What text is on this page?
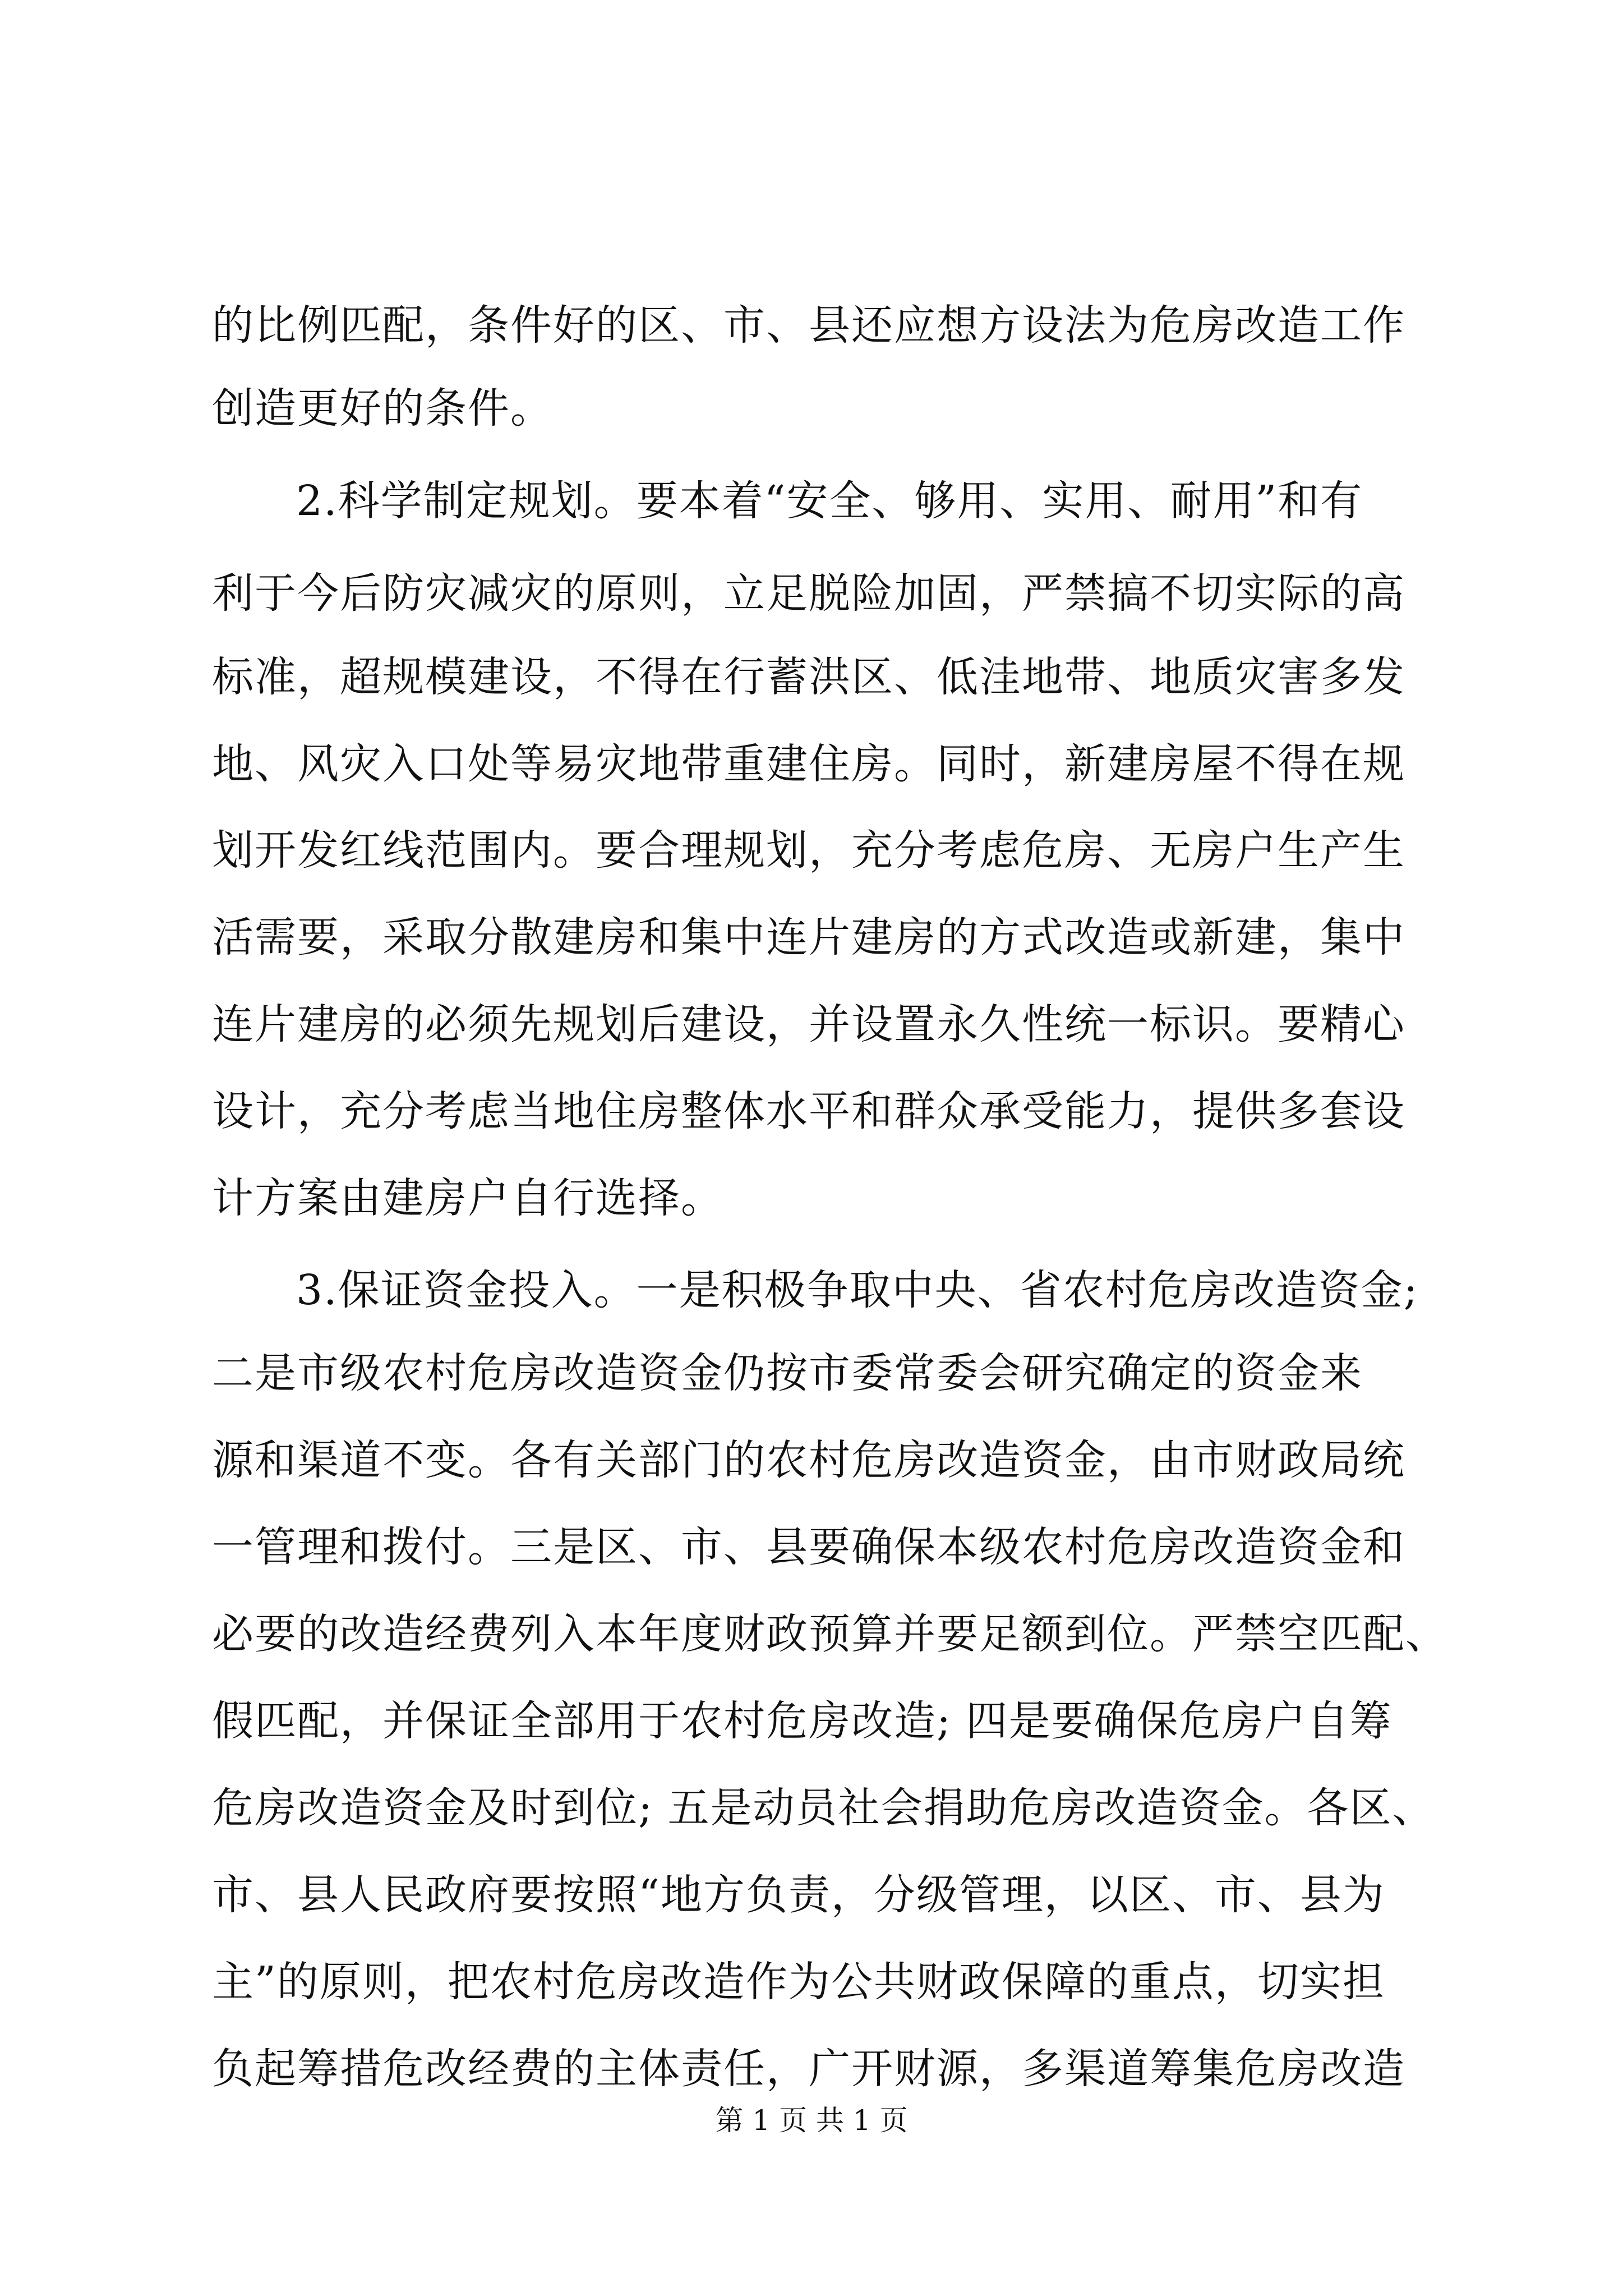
的比例匹配，条件好的区、市、县还应想方设法为危房改造工作
创造更好的条件。
2.科学制定规划。要本着“安全、够用、实用、耐用”和有
利于今后防灾减灾的原则，立足脱险加固，严禁搞不切实际的高
标准，超规模建设，不得在行蓄洪区、低洼地带、地质灾害多发
地、风灾入口处等易灾地带重建住房。同时，新建房屋不得在规
划开发红线范围内。要合理规划，充分考虑危房、无房户生产生
活需要，采取分散建房和集中连片建房的方式改造或新建，集中
连片建房的必须先规划后建设，并设置永久性统一标识。要精心
设计，充分考虑当地住房整体水平和群众承受能力，提供多套设
计方案由建房户自行选择。
3.保证资金投入。一是积极争取中央、省农村危房改造资金;
二是市级农村危房改造资金仍按市委常委会研究确定的资金来
源和渠道不变。各有关部门的农村危房改造资金，由市财政局统
一管理和拨付。三是区、市、县要确保本级农村危房改造资金和
必要的改造经费列入本年度财政预算并要足额到位。严禁空匹配、
假匹配，并保证全部用于农村危房改造; 四是要确保危房户自筹
危房改造资金及时到位; 五是动员社会捐助危房改造资金。各区、
市、县人民政府要按照“地方负责，分级管理，以区、市、县为
主”的原则，把农村危房改造作为公共财政保障的重点，切实担
负起筹措危改经费的主体责任，广开财源，多渠道筹集危房改造
第 1 页 共 1 页
